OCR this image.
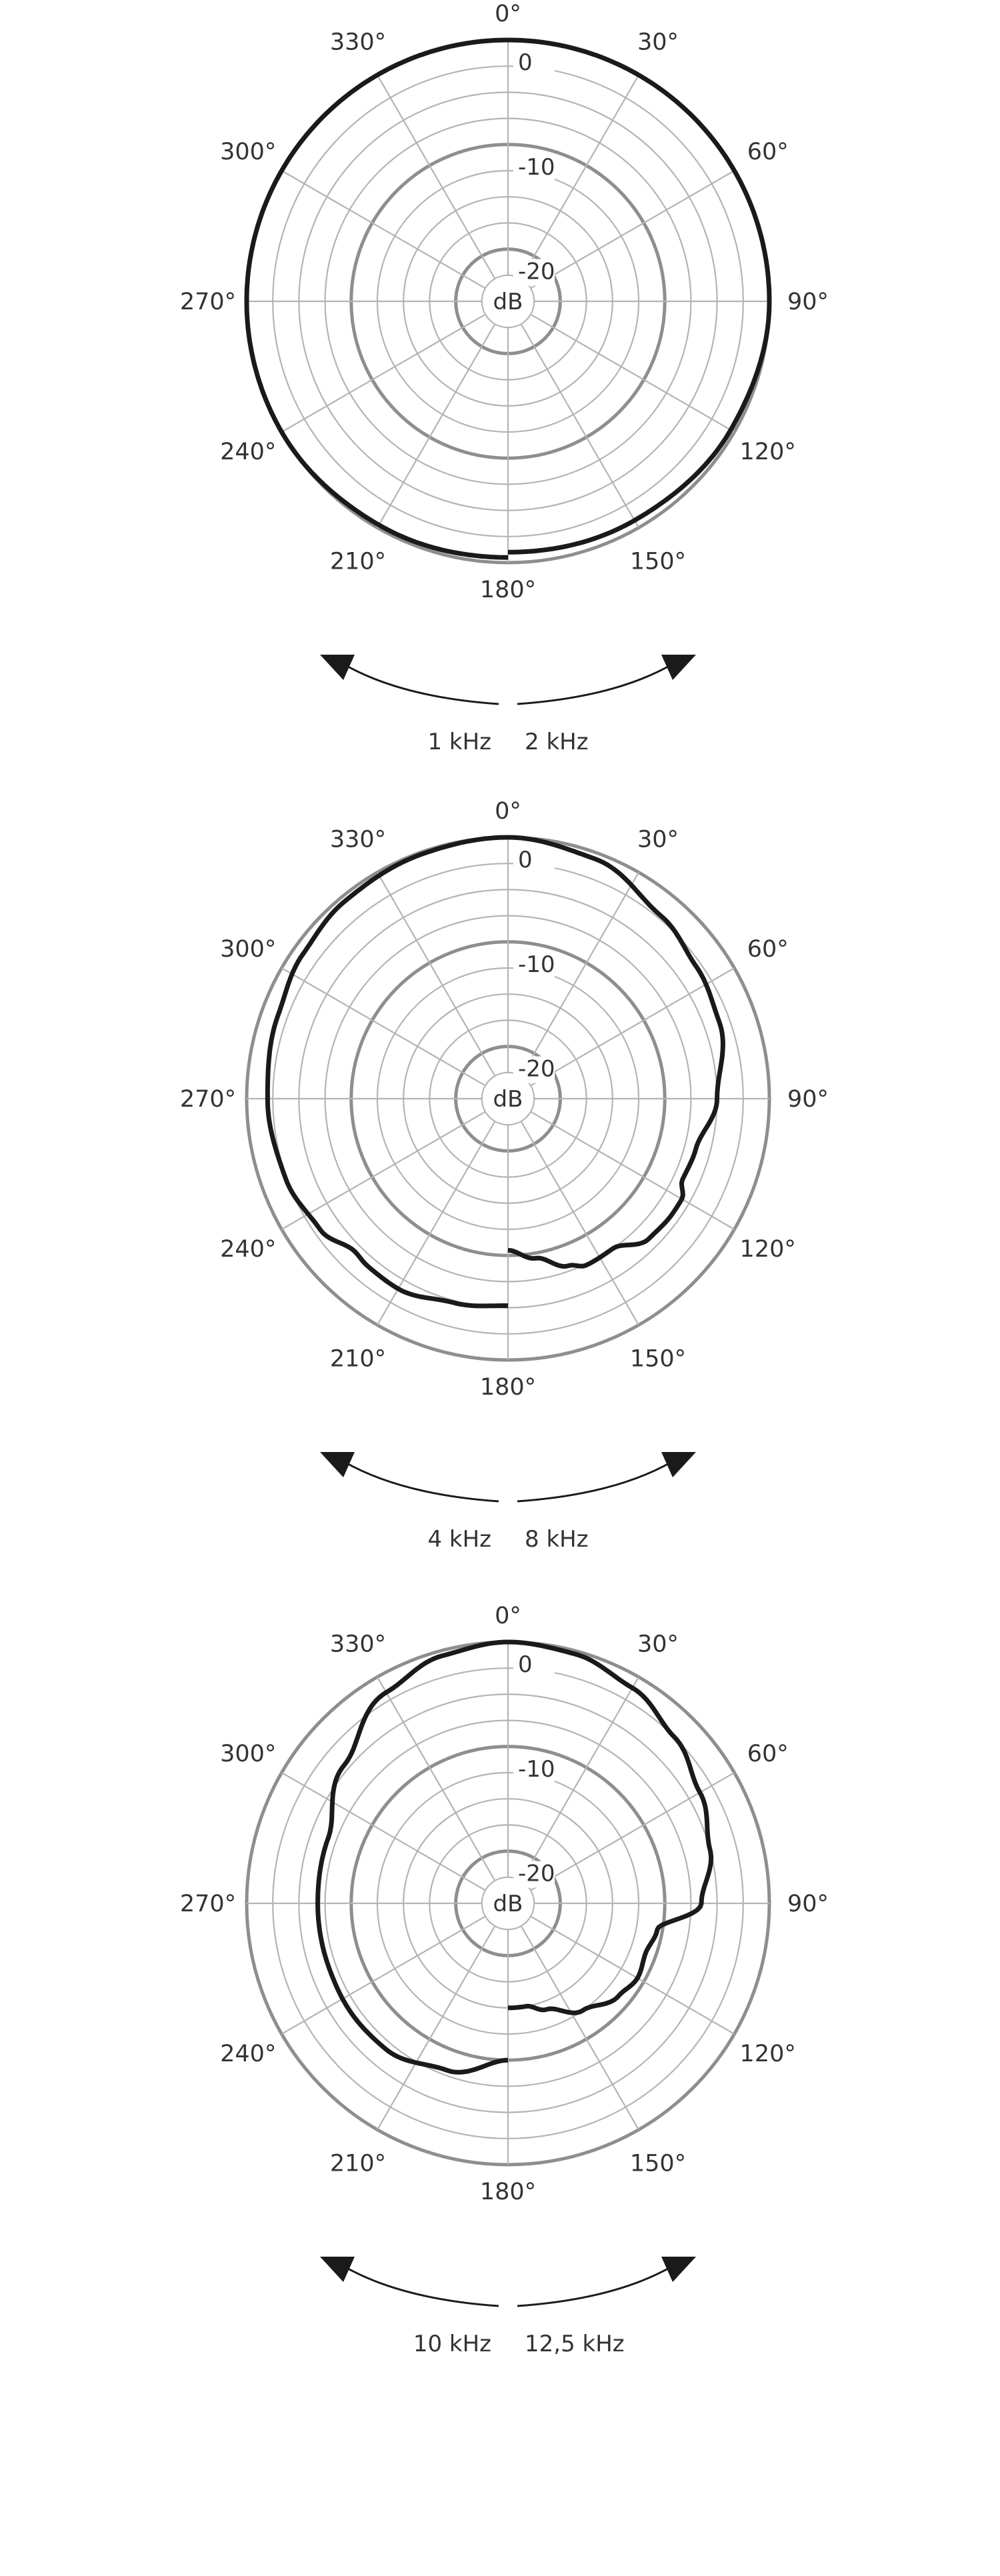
0
-10
-20
dB
0°
30°
60°
90°
120°
150°
180°
210°
240°
270°
300°
330°
1 kHz 2 kHz
0
-10
-20
dB
0°
30°
60°
90°
120°
150°
180°
210°
240°
270°
300°
330°
4 kHz 8 kHz
0
-10
-20
dB
0°
30°
60°
90°
120°
150°
180°
210°
240°
270°
300°
330°
10 kHz 12,5 kHz
